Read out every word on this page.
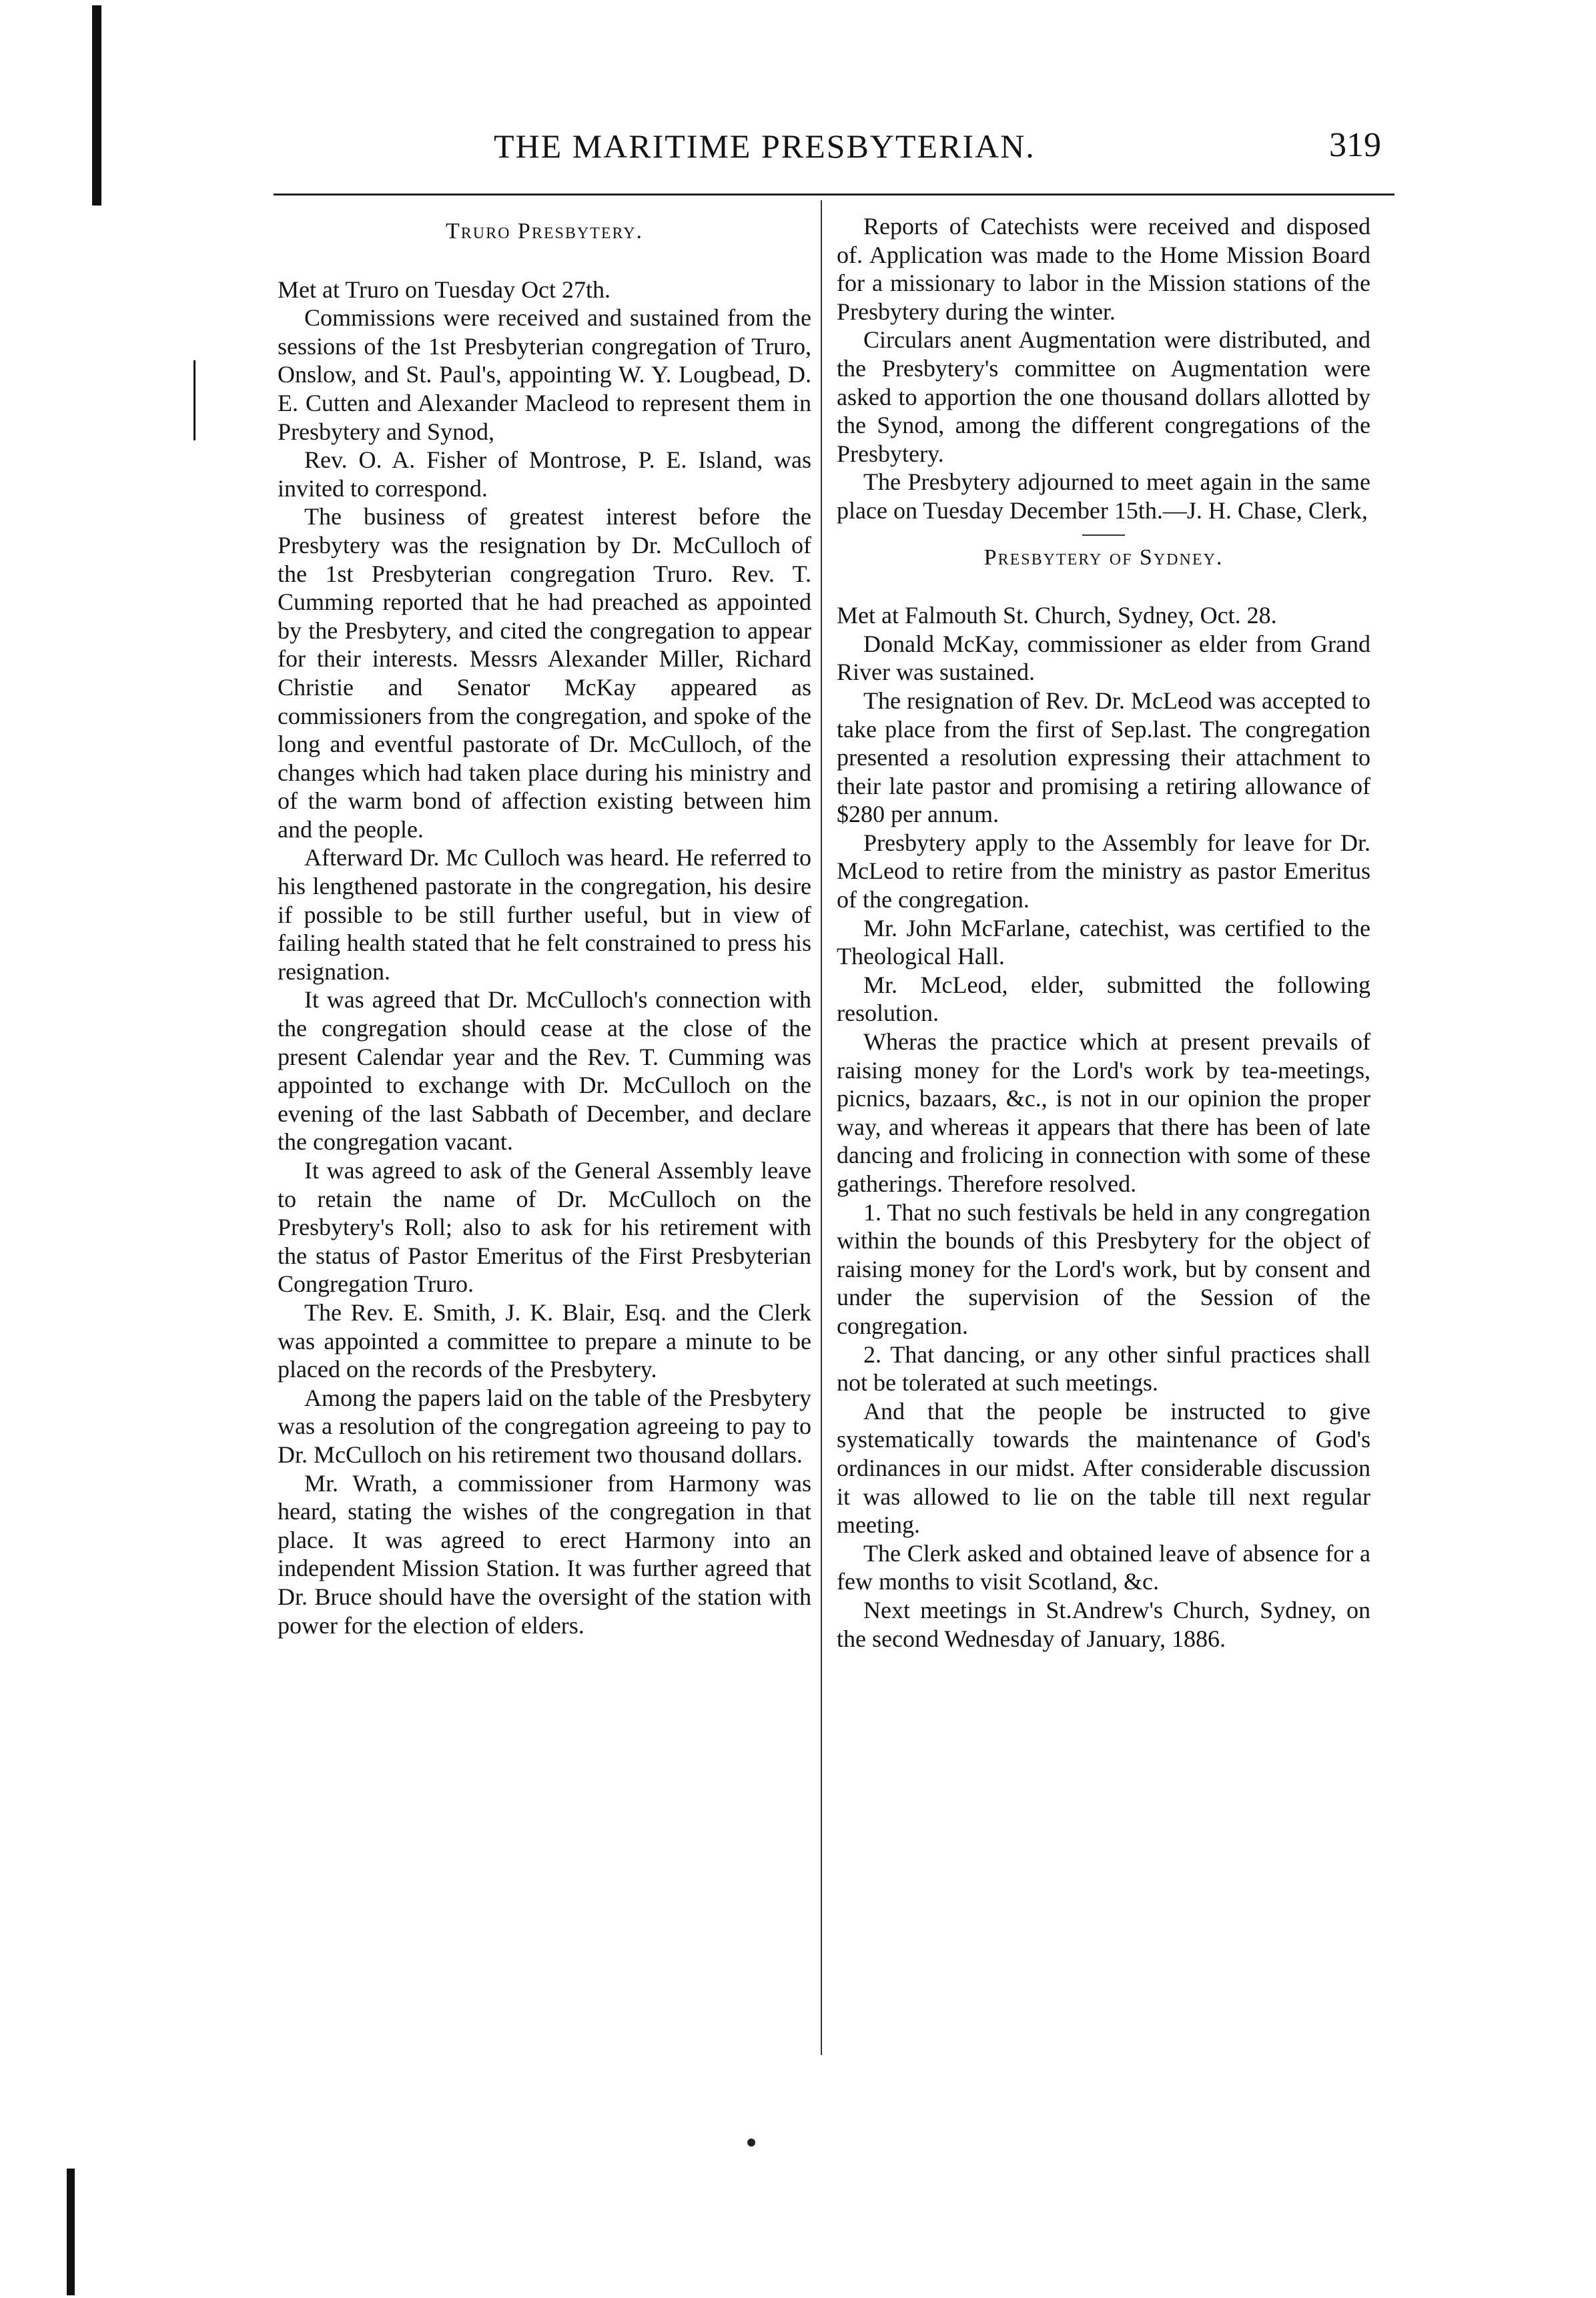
THE MARITIME PRESBYTERIAN.	319
Truro Presbytery.

Met at Truro on Tuesday Oct 27th.

Commissions were received and sustained from the sessions of the 1st Presbyterian congregation of Truro, Onslow, and St. Paul's, appointing W. Y. Lougbead, D. E. Cutten and Alexander Macleod to represent them in Presbytery and Synod,

Rev. O. A. Fisher of Montrose, P. E. Island, was invited to correspond.

The business of greatest interest before the Presbytery was the resignation by Dr. McCulloch of the 1st Presbyterian congregation Truro. Rev. T. Cumming reported that he had preached as appointed by the Presbytery, and cited the congregation to appear for their interests. Messrs Alexander Miller, Richard Christie and Senator McKay appeared as commissioners from the congregation, and spoke of the long and eventful pastorate of Dr. McCulloch, of the changes which had taken place during his ministry and of the warm bond of affection existing between him and the people.

Afterward Dr. Mc Culloch was heard. He referred to his lengthened pastorate in the congregation, his desire if possible to be still further useful, but in view of failing health stated that he felt constrained to press his resignation.

It was agreed that Dr. McCulloch's connection with the congregation should cease at the close of the present Calendar year and the Rev. T. Cumming was appointed to exchange with Dr. McCulloch on the evening of the last Sabbath of December, and declare the congregation vacant.

It was agreed to ask of the General Assembly leave to retain the name of Dr. McCulloch on the Presbytery's Roll; also to ask for his retirement with the status of Pastor Emeritus of the First Presbyterian Congregation Truro.

The Rev. E. Smith, J. K. Blair, Esq. and the Clerk was appointed a committee to prepare a minute to be placed on the records of the Presbytery.

Among the papers laid on the table of the Presbytery was a resolution of the congregation agreeing to pay to Dr. McCulloch on his retirement two thousand dollars.

Mr. Wrath, a commissioner from Harmony was heard, stating the wishes of the congregation in that place. It was agreed to erect Harmony into an independent Mission Station. It was further agreed that Dr. Bruce should have the oversight of the station with power for the election of elders.

Reports of Catechists were received and disposed of. Application was made to the Home Mission Board for a missionary to labor in the Mission stations of the Presbytery during the winter.

Circulars anent Augmentation were distributed, and the Presbytery's committee on Augmentation were asked to apportion the one thousand dollars allotted by the Synod, among the different congregations of the Presbytery.

The Presbytery adjourned to meet again in the same place on Tuesday December 15th.—J. H. Chase, Clerk,

Presbytery of Sydney.

Met at Falmouth St. Church, Sydney, Oct. 28.

Donald McKay, commissioner as elder from Grand River was sustained.

The resignation of Rev. Dr. McLeod was accepted to take place from the first of Sep.last. The congregation presented a resolution expressing their attachment to their late pastor and promising a retiring allowance of $280 per annum.

Presbytery apply to the Assembly for leave for Dr. McLeod to retire from the ministry as pastor Emeritus of the congregation.

Mr. John McFarlane, catechist, was certified to the Theological Hall.

Mr. McLeod, elder, submitted the following resolution.

Wheras the practice which at present prevails of raising money for the Lord's work by tea-meetings, picnics, bazaars, &c., is not in our opinion the proper way, and whereas it appears that there has been of late dancing and frolicing in connection with some of these gatherings. Therefore resolved.

1. That no such festivals be held in any congregation within the bounds of this Presbytery for the object of raising money for the Lord's work, but by consent and under the supervision of the Session of the congregation.

2. That dancing, or any other sinful practices shall not be tolerated at such meetings.

And that the people be instructed to give systematically towards the maintenance of God's ordinances in our midst. After considerable discussion it was allowed to lie on the table till next regular meeting.

The Clerk asked and obtained leave of absence for a few months to visit Scotland, &c.

Next meetings in St.Andrew's Church, Sydney, on the second Wednesday of January, 1886.
